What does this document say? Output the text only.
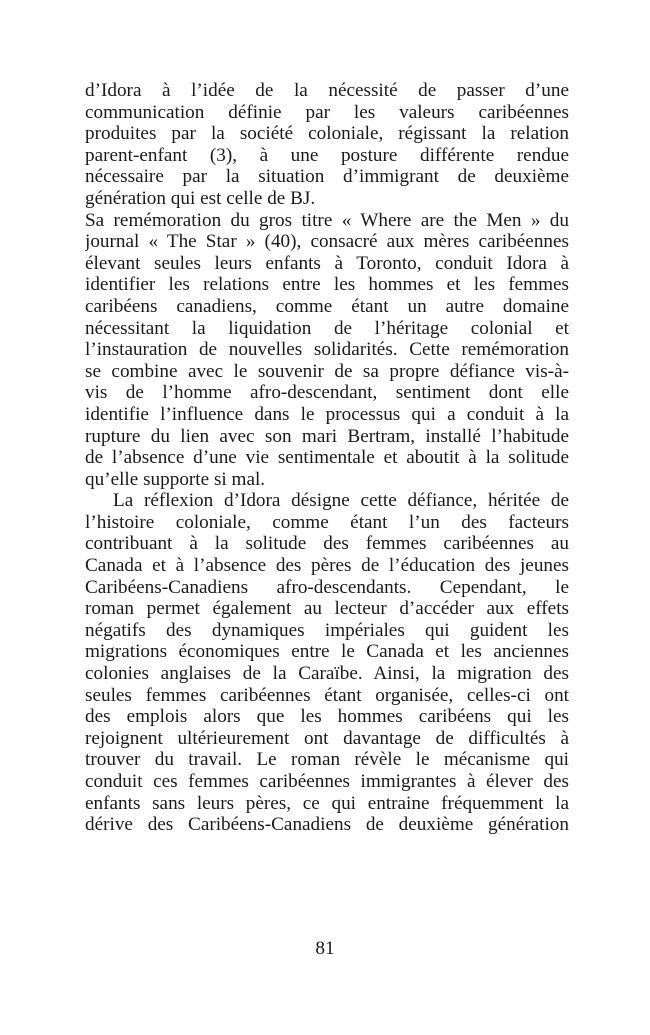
d’Idora à l’idée de la nécessité de passer d’une
communication définie par les valeurs caribéennes
produites par la société coloniale, régissant la relation
parent-enfant (3), à une posture différente rendue
nécessaire par la situation d’immigrant de deuxième
génération qui est celle de BJ.
Sa remémoration du gros titre « Where are the Men » du
journal « The Star » (40), consacré aux mères caribéennes
élevant seules leurs enfants à Toronto, conduit Idora à
identifier les relations entre les hommes et les femmes
caribéens canadiens, comme étant un autre domaine
nécessitant la liquidation de l’héritage colonial et
l’instauration de nouvelles solidarités. Cette remémoration
se combine avec le souvenir de sa propre défiance vis-à-
vis de l’homme afro-descendant, sentiment dont elle
identifie l’influence dans le processus qui a conduit à la
rupture du lien avec son mari Bertram, installé l’habitude
de l’absence d’une vie sentimentale et aboutit à la solitude
qu’elle supporte si mal.
La réflexion d’Idora désigne cette défiance, héritée de
l’histoire coloniale, comme étant l’un des facteurs
contribuant à la solitude des femmes caribéennes au
Canada et à l’absence des pères de l’éducation des jeunes
Caribéens-Canadiens afro-descendants. Cependant, le
roman permet également au lecteur d’accéder aux effets
négatifs des dynamiques impériales qui guident les
migrations économiques entre le Canada et les anciennes
colonies anglaises de la Caraïbe. Ainsi, la migration des
seules femmes caribéennes étant organisée, celles-ci ont
des emplois alors que les hommes caribéens qui les
rejoignent ultérieurement ont davantage de difficultés à
trouver du travail. Le roman révèle le mécanisme qui
conduit ces femmes caribéennes immigrantes à élever des
enfants sans leurs pères, ce qui entraine fréquemment la
dérive des Caribéens-Canadiens de deuxième génération
81
